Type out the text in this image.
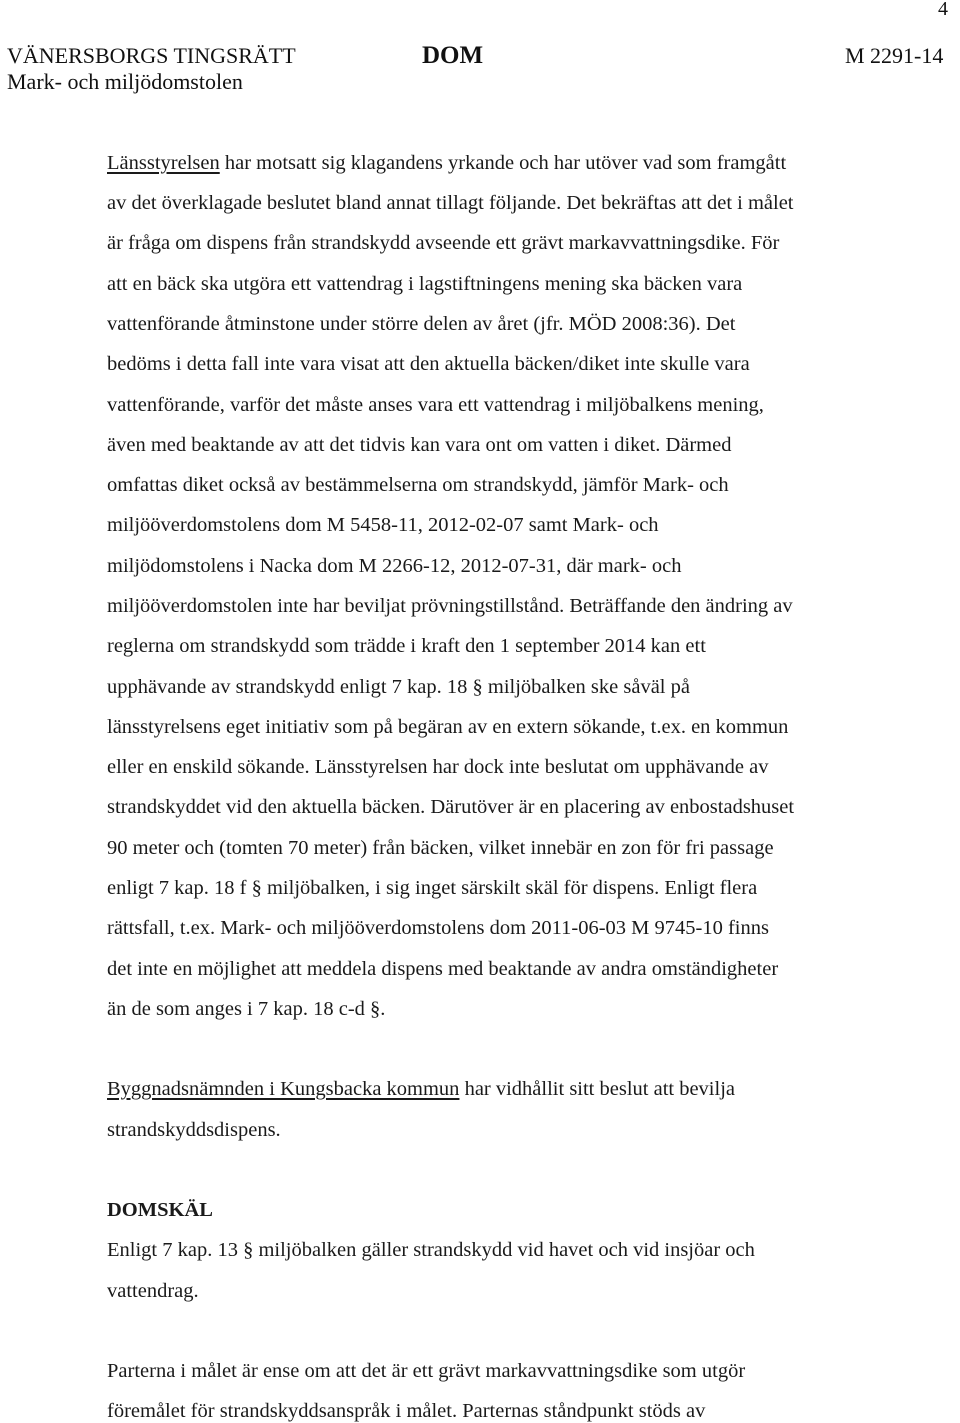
4
VÄNERSBORGS TINGSRÄTT
Mark- och miljödomstolen
DOM	M 2291-14
Länsstyrelsen har motsatt sig klagandens yrkande och har utöver vad som framgått
av det överklagade beslutet bland annat tillagt följande. Det bekräftas att det i målet
är fråga om dispens från strandskydd avseende ett grävt markavvattningsdike. För
att en bäck ska utgöra ett vattendrag i lagstiftningens mening ska bäcken vara
vattenförande åtminstone under större delen av året (jfr. MÖD 2008:36). Det
bedöms i detta fall inte vara visat att den aktuella bäcken/diket inte skulle vara
vattenförande, varför det måste anses vara ett vattendrag i miljöbalkens mening,
även med beaktande av att det tidvis kan vara ont om vatten i diket. Därmed
omfattas diket också av bestämmelserna om strandskydd, jämför Mark- och
miljööverdomstolens dom M 5458-11, 2012-02-07 samt Mark- och
miljödomstolens i Nacka dom M 2266-12, 2012-07-31, där mark- och
miljööverdomstolen inte har beviljat prövningstillstånd. Beträffande den ändring av
reglerna om strandskydd som trädde i kraft den 1 september 2014 kan ett
upphävande av strandskydd enligt 7 kap. 18 § miljöbalken ske såväl på
länsstyrelsens eget initiativ som på begäran av en extern sökande, t.ex. en kommun
eller en enskild sökande. Länsstyrelsen har dock inte beslutat om upphävande av
strandskyddet vid den aktuella bäcken. Därutöver är en placering av enbostadshuset
90 meter och (tomten 70 meter) från bäcken, vilket innebär en zon för fri passage
enligt 7 kap. 18 f § miljöbalken, i sig inget särskilt skäl för dispens. Enligt flera
rättsfall, t.ex. Mark- och miljööverdomstolens dom 2011-06-03 M 9745-10 finns
det inte en möjlighet att meddela dispens med beaktande av andra omständigheter
än de som anges i 7 kap. 18 c-d §.
Byggnadsnämnden i Kungsbacka kommun har vidhållit sitt beslut att bevilja
strandskyddsdispens.
DOMSKÄL
Enligt 7 kap. 13 § miljöbalken gäller strandskydd vid havet och vid insjöar och
vattendrag.
Parterna i målet är ense om att det är ett grävt markavvattningsdike som utgör
föremålet för strandskyddsanspråk i målet. Parternas ståndpunkt stöds av
